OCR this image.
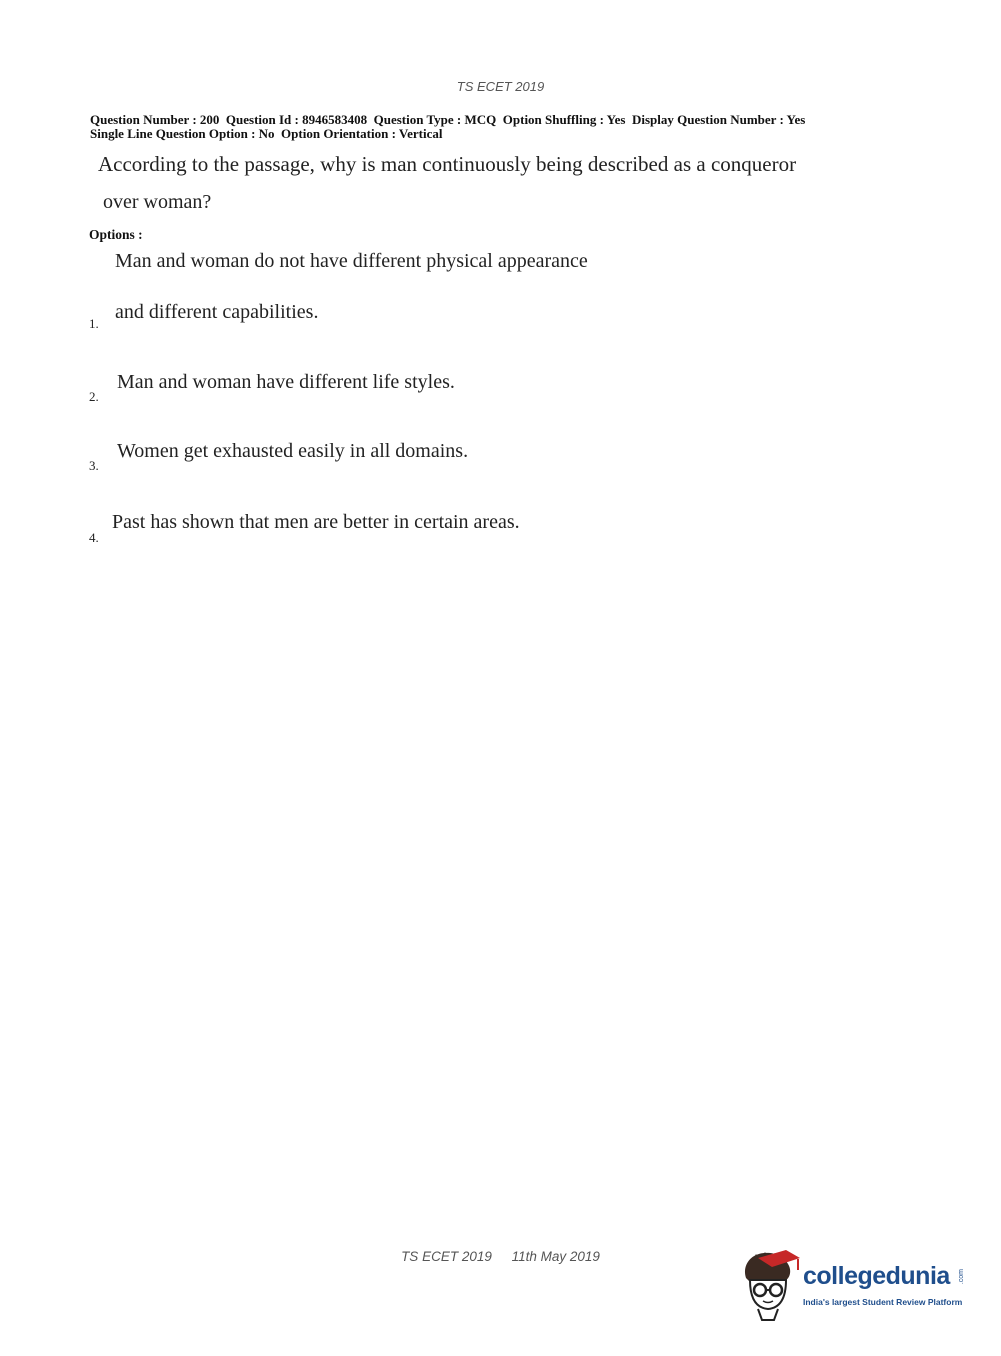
TS ECET 2019
Question Number : 200  Question Id : 8946583408  Question Type : MCQ  Option Shuffling : Yes  Display Question Number : Yes
Single Line Question Option : No  Option Orientation : Vertical
According to the passage, why is man continuously being described as a conqueror
over woman?
Options :
Man and woman do not have different physical appearance
and different capabilities.
1.
Man and woman have different life styles.
2.
Women get exhausted easily in all domains.
3.
Past has shown that men are better in certain areas.
4.
TS ECET 2019 11th May 2019
collegedunia .com
India's largest Student Review Platform
